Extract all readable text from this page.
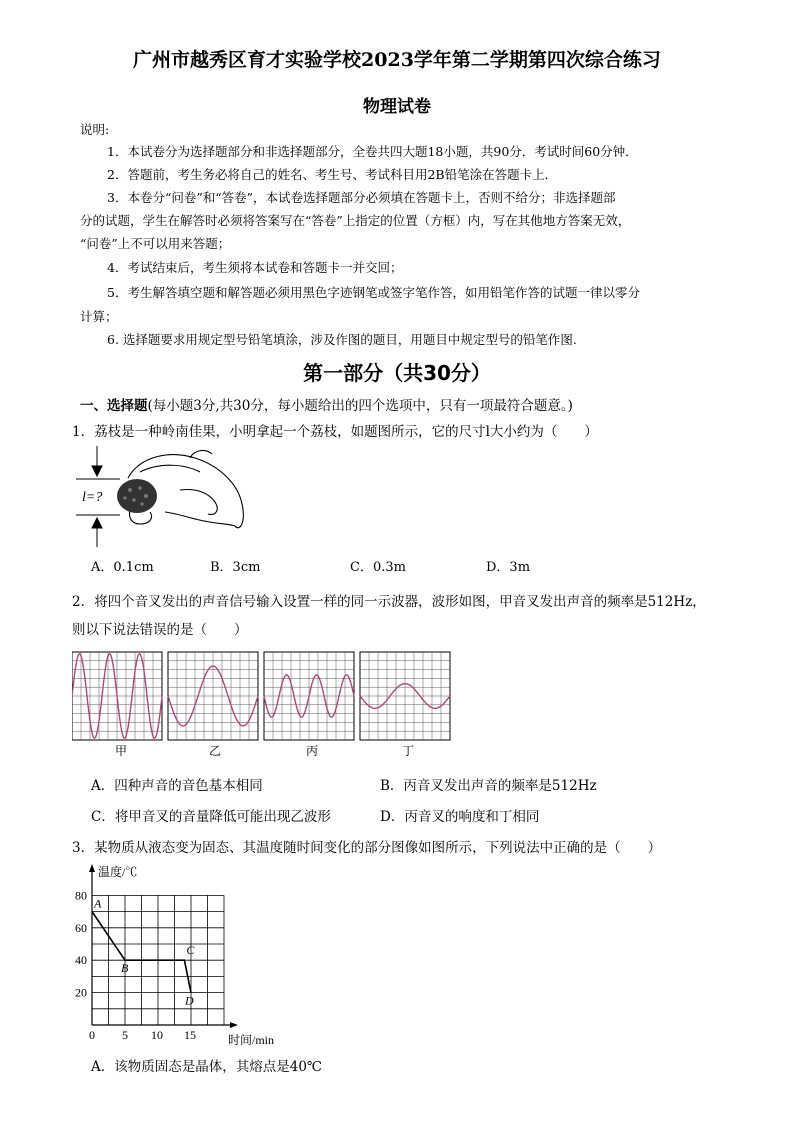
广州市越秀区育才实验学校2023学年第二学期第四次综合练习
物理试卷
说明:
1．本试卷分为选择题部分和非选择题部分，全卷共四大题18小题，共90分．考试时间60分钟．
2．答题前，考生务必将自己的姓名、考生号、考试科目用2B铅笔涂在答题卡上．
3．本卷分“问卷”和“答卷”，本试卷选择题部分必须填在答题卡上，否则不给分；非选择题部
分的试题，学生在解答时必须将答案写在“答卷”上指定的位置（方框）内，写在其他地方答案无效，
“问卷”上不可以用来答题；
4．考试结束后，考生须将本试卷和答题卡一并交回；
5．考生解答填空题和解答题必须用黑色字迹钢笔或签字笔作答，如用铅笔作答的试题一律以零分
计算；
6. 选择题要求用规定型号铅笔填涂，涉及作图的题目，用题目中规定型号的铅笔作图.
第一部分（共30分）
一、选择题(每小题3分,共30分，每小题给出的四个选项中，只有一项最符合题意。)
1．荔枝是一种岭南佳果，小明拿起一个荔枝，如题图所示，它的尺寸l大小约为（　　）
l=?
A．0.1cm	B．3cm	C．0.3m	D．3m
2．将四个音叉发出的声音信号输入设置一样的同一示波器，波形如图，甲音叉发出声音的频率是512Hz，
则以下说法错误的是（　　）
甲	乙	丙	丁
A．四种声音的音色基本相同	B．丙音叉发出声音的频率是512Hz
C．将甲音叉的音量降低可能出现乙波形	D．丙音叉的响度和丁相同
3．某物质从液态变为固态、其温度随时间变化的部分图像如图所示，下列说法中正确的是（　　）
20
40
60
80
0 5 10 15
A
B
C
D
温度/℃
时间/min
A．该物质固态是晶体，其熔点是40℃
